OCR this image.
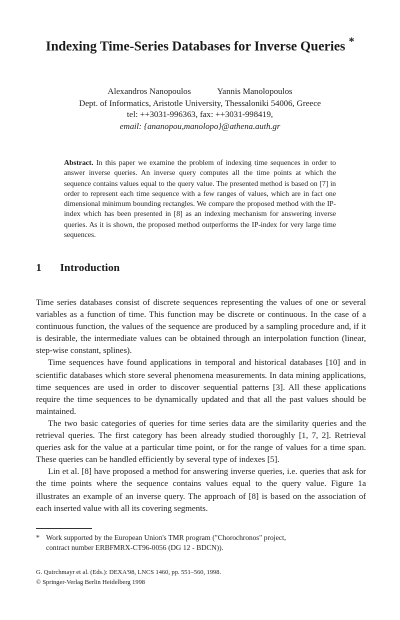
Indexing Time-Series Databases for Inverse Queries *
Alexandros Nanopoulos	Yannis Manolopoulos
Dept. of Informatics, Aristotle University, Thessaloniki 54006, Greece
tel: ++3031-996363, fax: ++3031-998419,
email: {ananopou,manolopo}@athena.auth.gr
Abstract. In this paper we examine the problem of indexing time sequences in order to answer inverse queries. An inverse query computes all the time points at which the sequence contains values equal to the query value. The presented method is based on [7] in order to represent each time sequence with a few ranges of values, which are in fact one dimensional minimum bounding rectangles. We compare the proposed method with the IP-index which has been presented in [8] as an indexing mechanism for answering inverse queries. As it is shown, the proposed method outperforms the IP-index for very large time sequences.
1 Introduction

Time series databases consist of discrete sequences representing the values of one or several variables as a function of time. This function may be discrete or continuous. In the case of a continuous function, the values of the sequence are produced by a sampling procedure and, if it is desirable, the intermediate values can be obtained through an interpolation function (linear, step-wise constant, splines).

Time sequences have found applications in temporal and historical databases [10] and in scientific databases which store several phenomena measurements. In data mining applications, time sequences are used in order to discover sequential patterns [3]. All these applications require the time sequences to be dynamically updated and that all the past values should be maintained.

The two basic categories of queries for time series data are the similarity queries and the retrieval queries. The first category has been already studied thoroughly [1, 7, 2]. Retrieval queries ask for the value at a particular time point, or for the range of values for a time span. These queries can be handled efficiently by several type of indexes [5].

Lin et al. [8] have proposed a method for answering inverse queries, i.e. queries that ask for the time points where the sequence contains values equal to the query value. Figure 1a illustrates an example of an inverse query. The approach of [8] is based on the association of each inserted value with all its covering segments.

* Work supported by the European Union's TMR program ("Chorochronos" project,
contract number ERBFMRX-CT96-0056 (DG 12 - BDCN)).
G. Quirchmayr et al. (Eds.): DEXA'98, LNCS 1460, pp. 551–560, 1998.
© Springer-Verlag Berlin Heidelberg 1998
